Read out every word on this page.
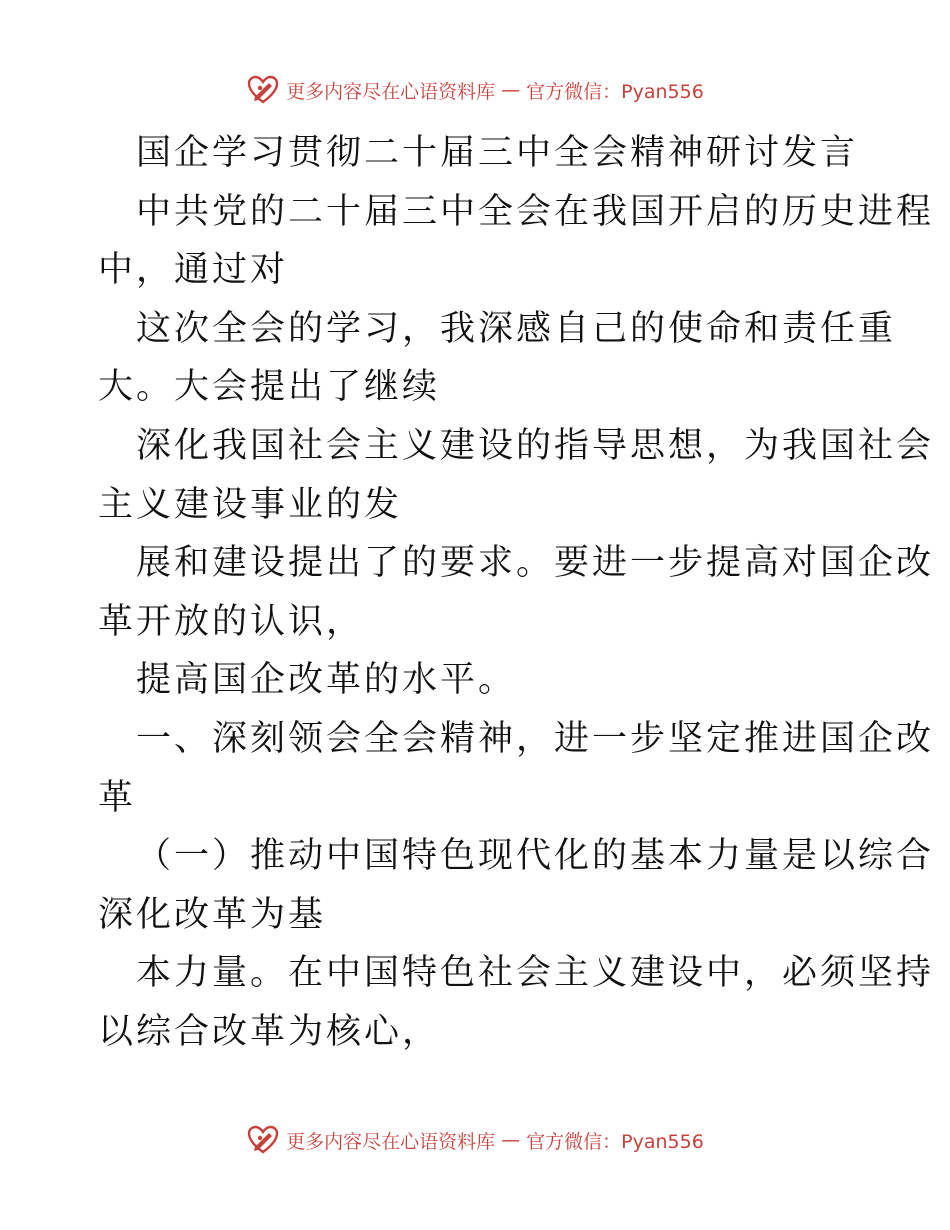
更多内容尽在心语资料库 — 官方微信：Pyan556
国企学习贯彻二十届三中全会精神研讨发言
中共党的二十届三中全会在我国开启的历史进程
中，通过对
这次全会的学习，我深感自己的使命和责任重
大。大会提出了继续
深化我国社会主义建设的指导思想，为我国社会
主义建设事业的发
展和建设提出了的要求。要进一步提高对国企改
革开放的认识，
提高国企改革的水平。
一、深刻领会全会精神，进一步坚定推进国企改
革
（一）推动中国特色现代化的基本力量是以综合
深化改革为基
本力量。在中国特色社会主义建设中，必须坚持
以综合改革为核心，
更多内容尽在心语资料库 — 官方微信：Pyan556
